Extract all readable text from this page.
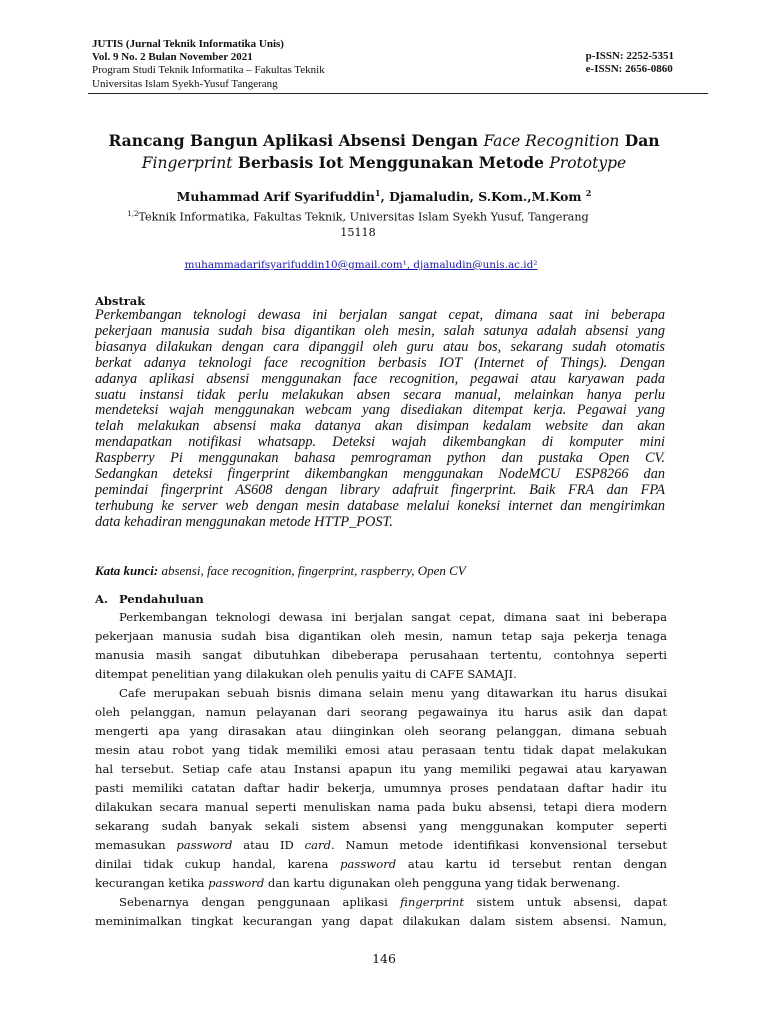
JUTIS (Jurnal Teknik Informatika Unis)
Vol. 9 No. 2 Bulan November 2021
Program Studi Teknik Informatika – Fakultas Teknik
Universitas Islam Syekh-Yusuf Tangerang
p-ISSN: 2252-5351
e-ISSN: 2656-0860
Rancang Bangun Aplikasi Absensi Dengan Face Recognition Dan
Fingerprint Berbasis Iot Menggunakan Metode Prototype
Muhammad Arif Syarifuddin$^1$, Djamaludin, S.Kom.,M.Kom $^2$
$^{1,2}$Teknik Informatika, Fakultas Teknik, Universitas Islam Syekh Yusuf, Tangerang
15118
muhammadarifsyarifuddin10@gmail.com¹, djamaludin@unis.ac.id²
Abstrak
Perkembangan teknologi dewasa ini berjalan sangat cepat, dimana saat ini beberapa
pekerjaan manusia sudah bisa digantikan oleh mesin, salah satunya adalah absensi yang
biasanya dilakukan dengan cara dipanggil oleh guru atau bos, sekarang sudah otomatis
berkat adanya teknologi face recognition berbasis IOT (Internet of Things). Dengan
adanya aplikasi absensi menggunakan face recognition, pegawai atau karyawan pada
suatu instansi tidak perlu melakukan absen secara manual, melainkan hanya perlu
mendeteksi wajah menggunakan webcam yang disediakan ditempat kerja. Pegawai yang
telah melakukan absensi maka datanya akan disimpan kedalam website dan akan
mendapatkan notifikasi whatsapp. Deteksi wajah dikembangkan di komputer mini
Raspberry Pi menggunakan bahasa pemrograman python dan pustaka Open CV.
Sedangkan deteksi fingerprint dikembangkan menggunakan NodeMCU ESP8266 dan
pemindai fingerprint AS608 dengan library adafruit fingerprint. Baik FRA dan FPA
terhubung ke server web dengan mesin database melalui koneksi internet dan mengirimkan
data kehadiran menggunakan metode HTTP_POST.
Kata kunci: absensi, face recognition, fingerprint, raspberry, Open CV
A. Pendahuluan
Perkembangan teknologi dewasa ini berjalan sangat cepat, dimana saat ini beberapa
pekerjaan manusia sudah bisa digantikan oleh mesin, namun tetap saja pekerja tenaga
manusia masih sangat dibutuhkan dibeberapa perusahaan tertentu, contohnya seperti
ditempat penelitian yang dilakukan oleh penulis yaitu di CAFE SAMAJI.
Cafe merupakan sebuah bisnis dimana selain menu yang ditawarkan itu harus disukai
oleh pelanggan, namun pelayanan dari seorang pegawainya itu harus asik dan dapat
mengerti apa yang dirasakan atau diinginkan oleh seorang pelanggan, dimana sebuah
mesin atau robot yang tidak memiliki emosi atau perasaan tentu tidak dapat melakukan
hal tersebut. Setiap cafe atau Instansi apapun itu yang memiliki pegawai atau karyawan
pasti memiliki catatan daftar hadir bekerja, umumnya proses pendataan daftar hadir itu
dilakukan secara manual seperti menuliskan nama pada buku absensi, tetapi diera modern
sekarang sudah banyak sekali sistem absensi yang menggunakan komputer seperti
memasukan password atau ID card. Namun metode identifikasi konvensional tersebut
dinilai tidak cukup handal, karena password atau kartu id tersebut rentan dengan
kecurangan ketika password dan kartu digunakan oleh pengguna yang tidak berwenang.
Sebenarnya dengan penggunaan aplikasi fingerprint sistem untuk absensi, dapat
meminimalkan tingkat kecurangan yang dapat dilakukan dalam sistem absensi. Namun,
146
